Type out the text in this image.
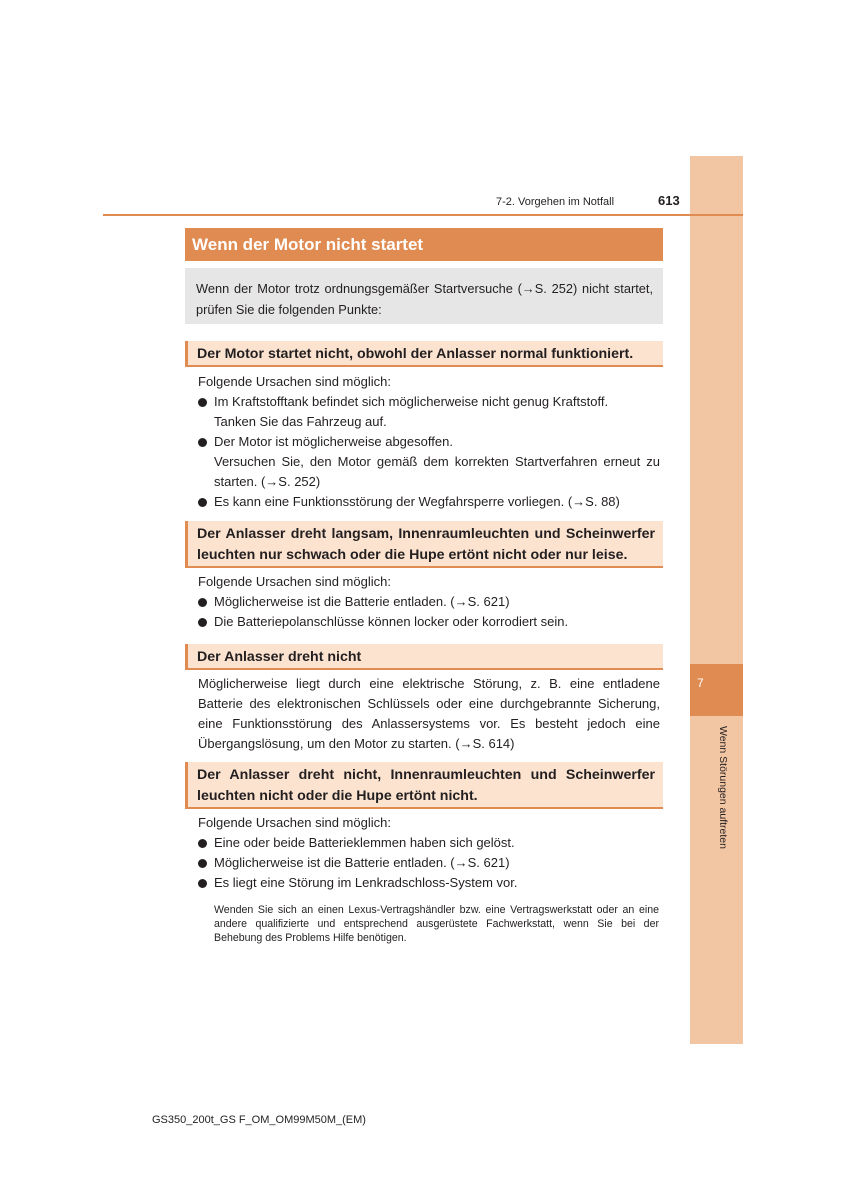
7
Wenn Störungen auftreten
7-2. Vorgehen im Notfall	613
Wenn der Motor nicht startet
Wenn der Motor trotz ordnungsgemäßer Startversuche (→S. 252) nicht startet, prüfen Sie die folgenden Punkte:
Der Motor startet nicht, obwohl der Anlasser normal funktioniert.

Folgende Ursachen sind möglich:

Im Kraftstofftank befindet sich möglicherweise nicht genug Kraftstoff.
Tanken Sie das Fahrzeug auf.
Der Motor ist möglicherweise abgesoffen.
Versuchen Sie, den Motor gemäß dem korrekten Startverfahren erneut zu starten. (→S. 252)
Es kann eine Funktionsstörung der Wegfahrsperre vorliegen. (→S. 88)
Der Anlasser dreht langsam, Innenraumleuchten und Scheinwerfer leuchten nur schwach oder die Hupe ertönt nicht oder nur leise.

Folgende Ursachen sind möglich:

Möglicherweise ist die Batterie entladen. (→S. 621)
Die Batteriepolanschlüsse können locker oder korrodiert sein.
Der Anlasser dreht nicht

Möglicherweise liegt durch eine elektrische Störung, z. B. eine entladene Batterie des elektronischen Schlüssels oder eine durchgebrannte Sicherung, eine Funktionsstörung des Anlassersystems vor. Es besteht jedoch eine Übergangslösung, um den Motor zu starten. (→S. 614)

Der Anlasser dreht nicht, Innenraumleuchten und Scheinwerfer leuchten nicht oder die Hupe ertönt nicht.

Folgende Ursachen sind möglich:

Eine oder beide Batterieklemmen haben sich gelöst.
Möglicherweise ist die Batterie entladen. (→S. 621)
Es liegt eine Störung im Lenkradschloss-System vor.
Wenden Sie sich an einen Lexus-Vertragshändler bzw. eine Vertragswerkstatt oder an eine andere qualifizierte und entsprechend ausgerüstete Fachwerkstatt, wenn Sie bei der Behebung des Problems Hilfe benötigen.
GS350_200t_GS F_OM_OM99M50M_(EM)
